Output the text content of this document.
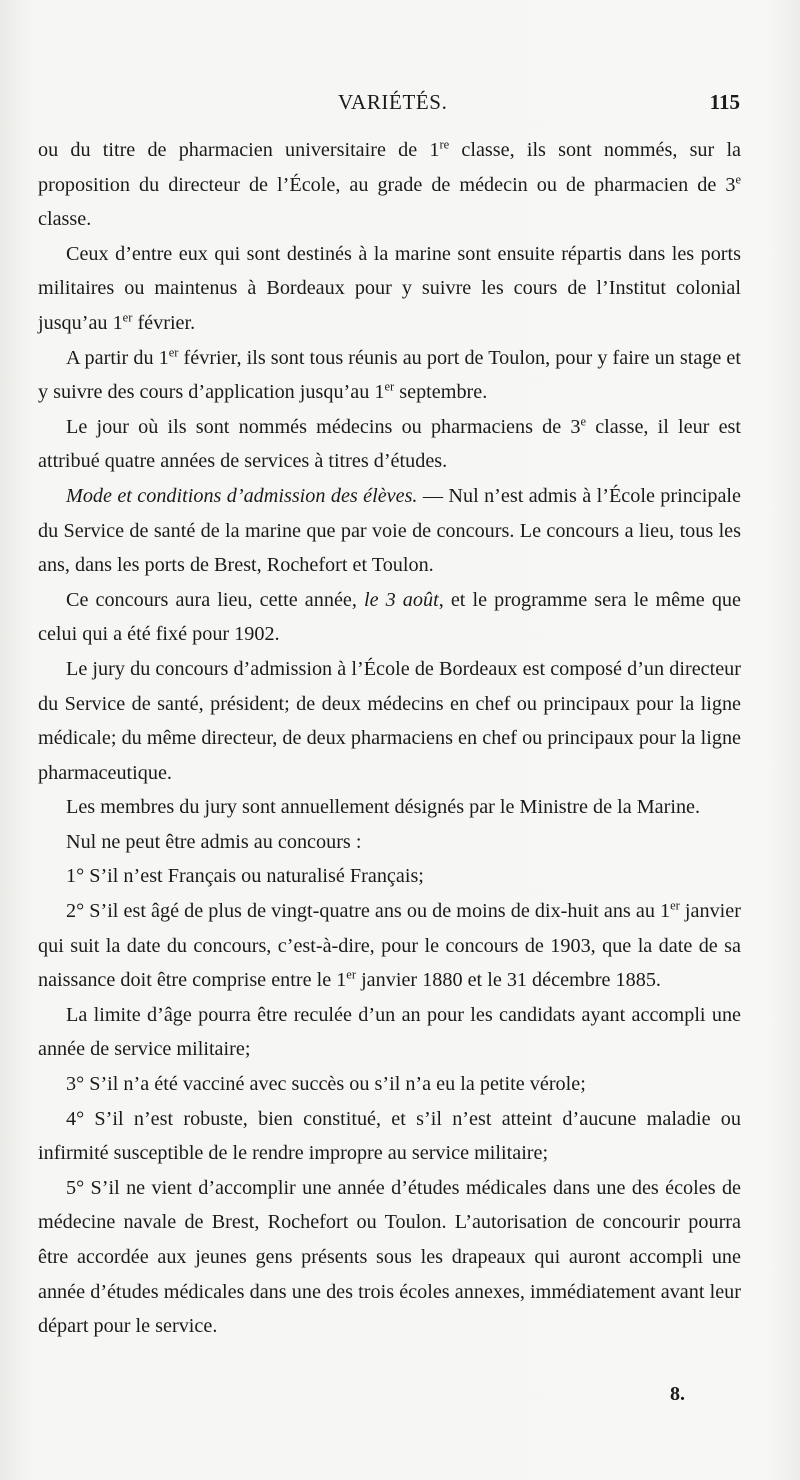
VARIÉTÉS.	115

ou du titre de pharmacien universitaire de 1re classe, ils sont nommés, sur la proposition du directeur de l’École, au grade de médecin ou de pharmacien de 3e classe.

Ceux d’entre eux qui sont destinés à la marine sont ensuite répartis dans les ports militaires ou maintenus à Bordeaux pour y suivre les cours de l’Institut colonial jusqu’au 1er février.

A partir du 1er février, ils sont tous réunis au port de Toulon, pour y faire un stage et y suivre des cours d’application jusqu’au 1er septembre.

Le jour où ils sont nommés médecins ou pharmaciens de 3e classe, il leur est attribué quatre années de services à titres d’études.

Mode et conditions d’admission des élèves. — Nul n’est admis à l’École principale du Service de santé de la marine que par voie de concours. Le concours a lieu, tous les ans, dans les ports de Brest, Rochefort et Toulon.

Ce concours aura lieu, cette année, le 3 août, et le programme sera le même que celui qui a été fixé pour 1902.

Le jury du concours d’admission à l’École de Bordeaux est composé d’un directeur du Service de santé, président; de deux médecins en chef ou principaux pour la ligne médicale; du même directeur, de deux pharmaciens en chef ou principaux pour la ligne pharmaceutique.

Les membres du jury sont annuellement désignés par le Ministre de la Marine.

Nul ne peut être admis au concours :

1° S’il n’est Français ou naturalisé Français;

2° S’il est âgé de plus de vingt-quatre ans ou de moins de dix-huit ans au 1er janvier qui suit la date du concours, c’est-à-dire, pour le concours de 1903, que la date de sa naissance doit être comprise entre le 1er janvier 1880 et le 31 décembre 1885.

La limite d’âge pourra être reculée d’un an pour les candidats ayant accompli une année de service militaire;

3° S’il n’a été vacciné avec succès ou s’il n’a eu la petite vérole;

4° S’il n’est robuste, bien constitué, et s’il n’est atteint d’aucune maladie ou infirmité susceptible de le rendre impropre au service militaire;

5° S’il ne vient d’accomplir une année d’études médicales dans une des écoles de médecine navale de Brest, Rochefort ou Toulon. L’autorisation de concourir pourra être accordée aux jeunes gens présents sous les drapeaux qui auront accompli une année d’études médicales dans une des trois écoles annexes, immédiatement avant leur départ pour le service.

8.
